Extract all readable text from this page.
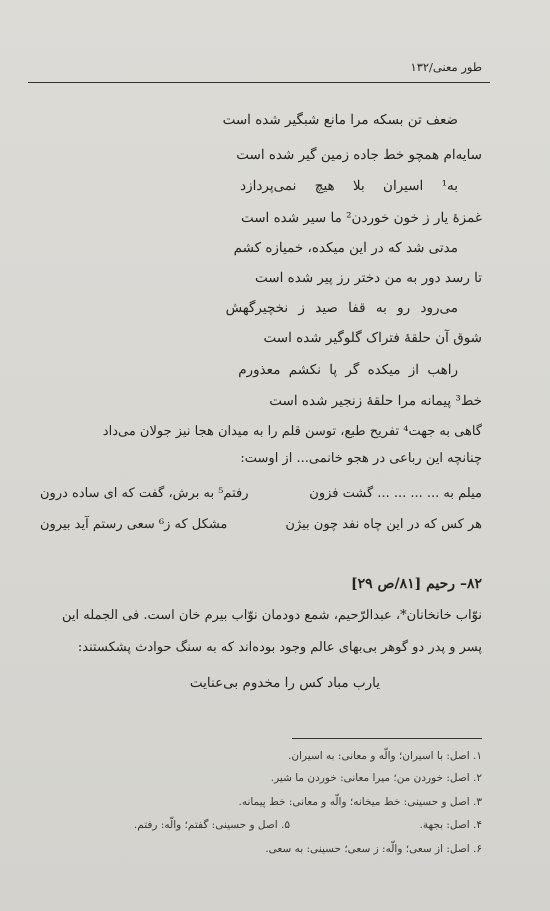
طور معنی/۱۳۲
ضعف تن بسکه مرا مانع شبگیر شده است
سایه‌ام همچو خط جاده زمین گیر شده است
به¹ اسیران بلا هیچ نمی‌پردازد
غمزهٔ یار ز خون خوردن² ما سیر شده است
مدتی شد که در این میکده، خمیازه کشم
تا رسد دور به من دختر رز پیر شده است
می‌رود رو به قفا صید ز نخچیرگهش
شوق آن حلقهٔ فتراک گلوگیر شده است
راهب از میکده گر پا نکشم معذورم
خط³ پیمانه مرا حلقهٔ زنجیر شده است
گاهی به جهت⁴ تفریح طبع، توسن قلم را به میدان هجا نیز جولان می‌داد
چنانچه این رباعی در هجو خانمی... از اوست:
میلم به ... ... ... ... گشت فزون
رفتم⁵ به برش، گفت که ای ساده درون
هر کس که در این چاه نفد چون بیژن
مشکل که ز⁶ سعی رستم آید بیرون
۸۲– رحیم [۸۱/ص ۲۹]
نوّاب خانخانان*، عبدالرّحیم، شمع دودمان نوّاب بیرم خان است. فی الجمله این
پسر و پدر دو گوهر بی‌بهای عالم وجود بوده‌اند که به سنگ حوادث پشکستند:
یارب مباد کس را مخدوم بی‌عنایت
۱. اصل: با اسیران؛ والّه و معانی: به اسیران.
۲. اصل: خوردن من؛ میرا معانی: خوردن ما شیر.
۳. اصل و حسینی: خط میخانه؛ والّه و معانی: خط پیمانه.
۴. اصل: بجهة.
۵. اصل و حسینی: گفتم؛ والّه: رفتم.
۶. اصل: از سعی؛ والّه: ز سعی؛ حسینی: به سعی.
